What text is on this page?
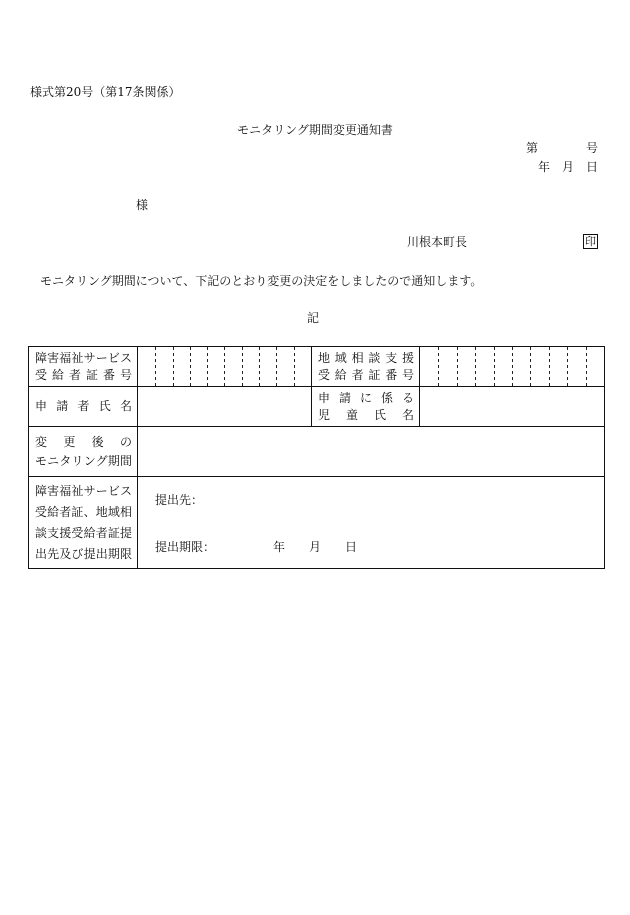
様式第20号（第17条関係）
モニタリング期間変更通知書
第　　　　号
年　月　日
様
川根本町長	印
モニタリング期間について、下記のとおり変更の決定をしましたので通知します。
記
障害福祉サービス
受 給 者 証 番 号
地 域 相 談 支 援
受 給 者 証 番 号
申 請 者 氏 名
申 請 に 係 る
児 童 氏 名
変 更 後 の
モニタリング期間
障害福祉サービス
受給者証、地域相
談支援受給者証提
出先及び提出期限
提出先：
提出期限：	年　　月　　日
